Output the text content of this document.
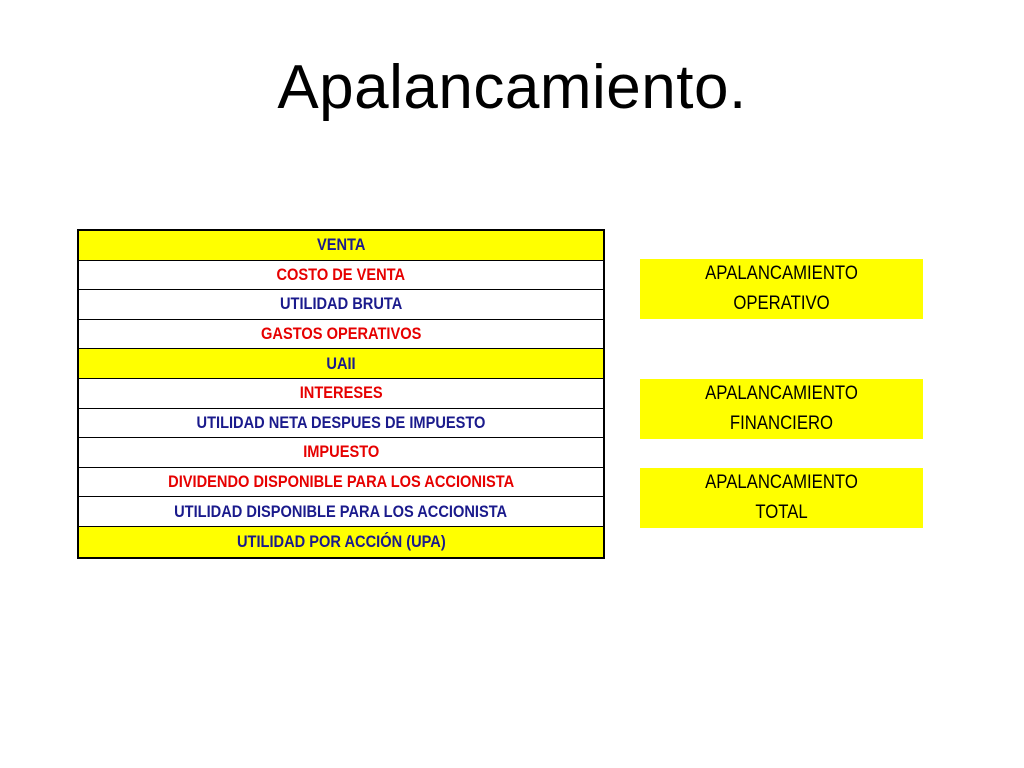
Apalancamiento.
VENTA
COSTO DE VENTA
UTILIDAD BRUTA
GASTOS OPERATIVOS
UAII
INTERESES
UTILIDAD NETA DESPUES DE IMPUESTO
IMPUESTO
DIVIDENDO DISPONIBLE PARA LOS ACCIONISTA
UTILIDAD DISPONIBLE PARA LOS ACCIONISTA
UTILIDAD POR ACCIÓN (UPA)
APALANCAMIENTO
OPERATIVO
APALANCAMIENTO
FINANCIERO
APALANCAMIENTO
TOTAL
